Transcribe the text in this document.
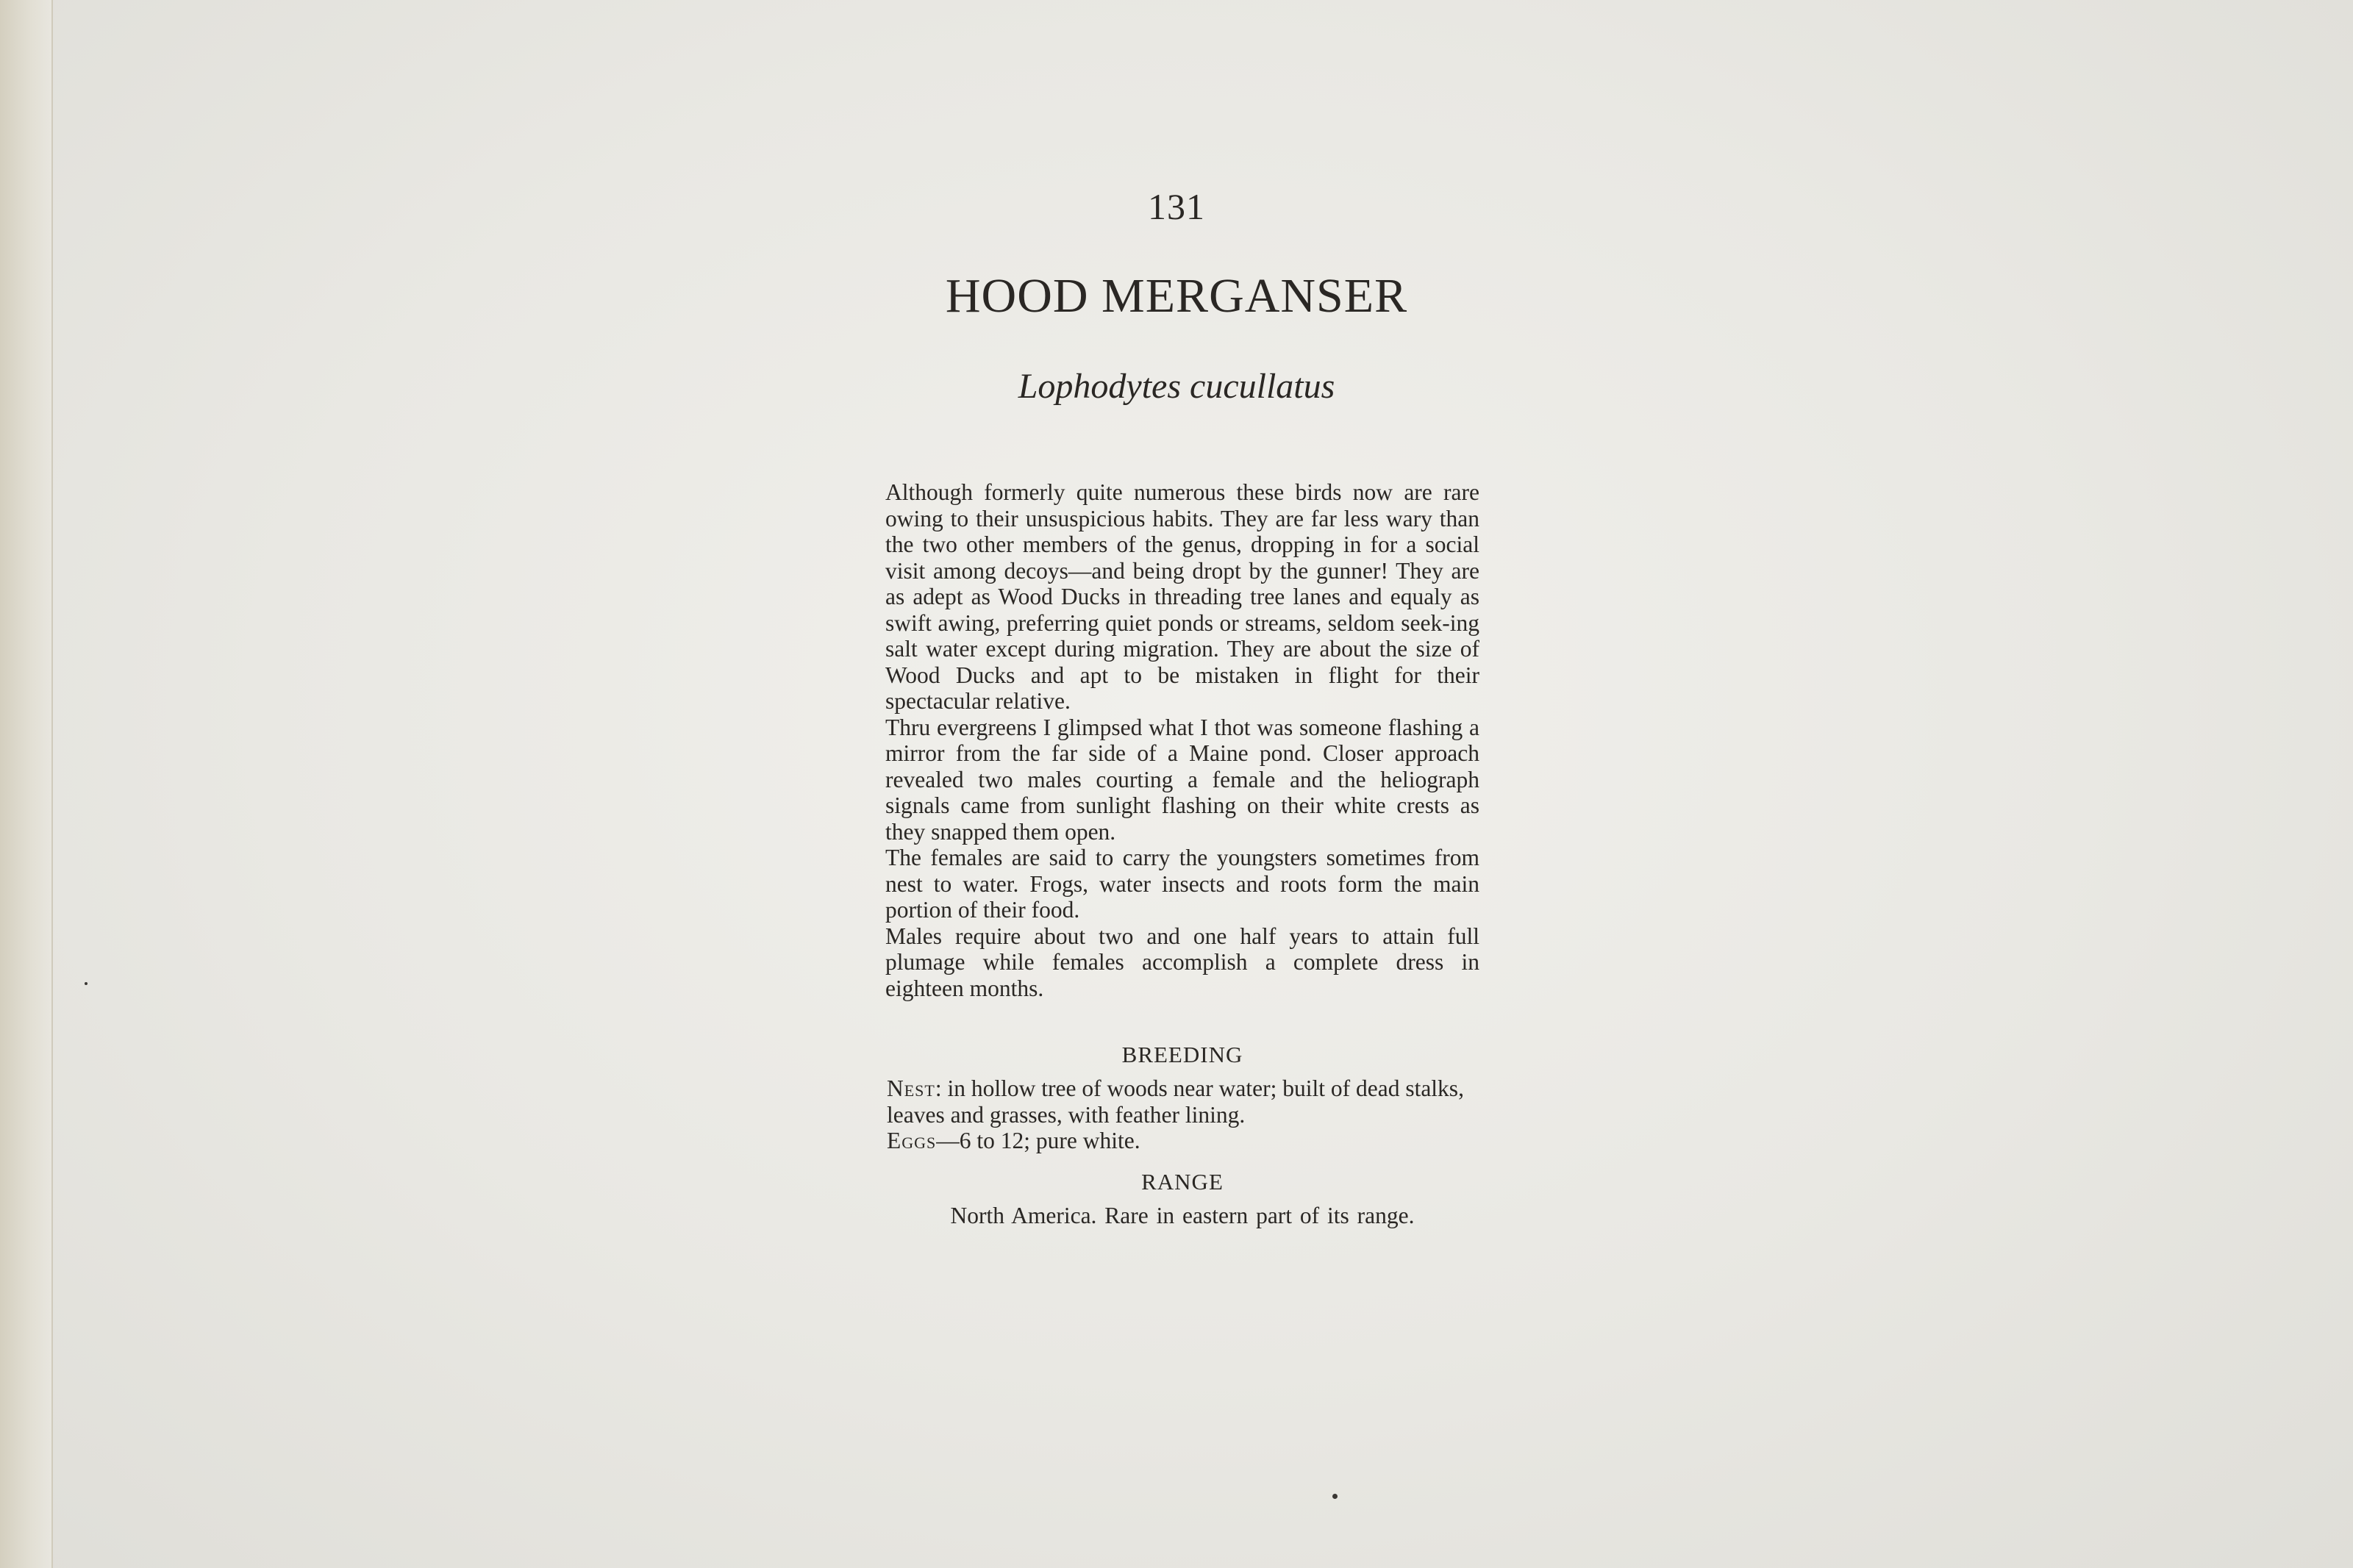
131
HOOD MERGANSER
Lophodytes cucullatus

Although formerly quite numerous these birds now are rare owing to their unsuspicious habits. They are far less wary than the two other members of the genus, dropping in for a social visit among decoys—and being dropt by the gunner! They are as adept as Wood Ducks in threading tree lanes and equaly as swift awing, preferring quiet ponds or streams, seldom seek-ing salt water except during migration. They are about the size of Wood Ducks and apt to be mistaken in flight for their spectacular relative.

Thru evergreens I glimpsed what I thot was someone flashing a mirror from the far side of a Maine pond. Closer approach revealed two males courting a female and the heliograph signals came from sunlight flashing on their white crests as they snapped them open.

The females are said to carry the youngsters sometimes from nest to water. Frogs, water insects and roots form the main portion of their food.

Males require about two and one half years to attain full plumage while females accomplish a complete dress in eighteen months.

BREEDING

Nest: in hollow tree of woods near water; built of dead stalks, leaves and grasses, with feather lining.

Eggs—6 to 12; pure white.

RANGE
North America. Rare in eastern part of its range.
